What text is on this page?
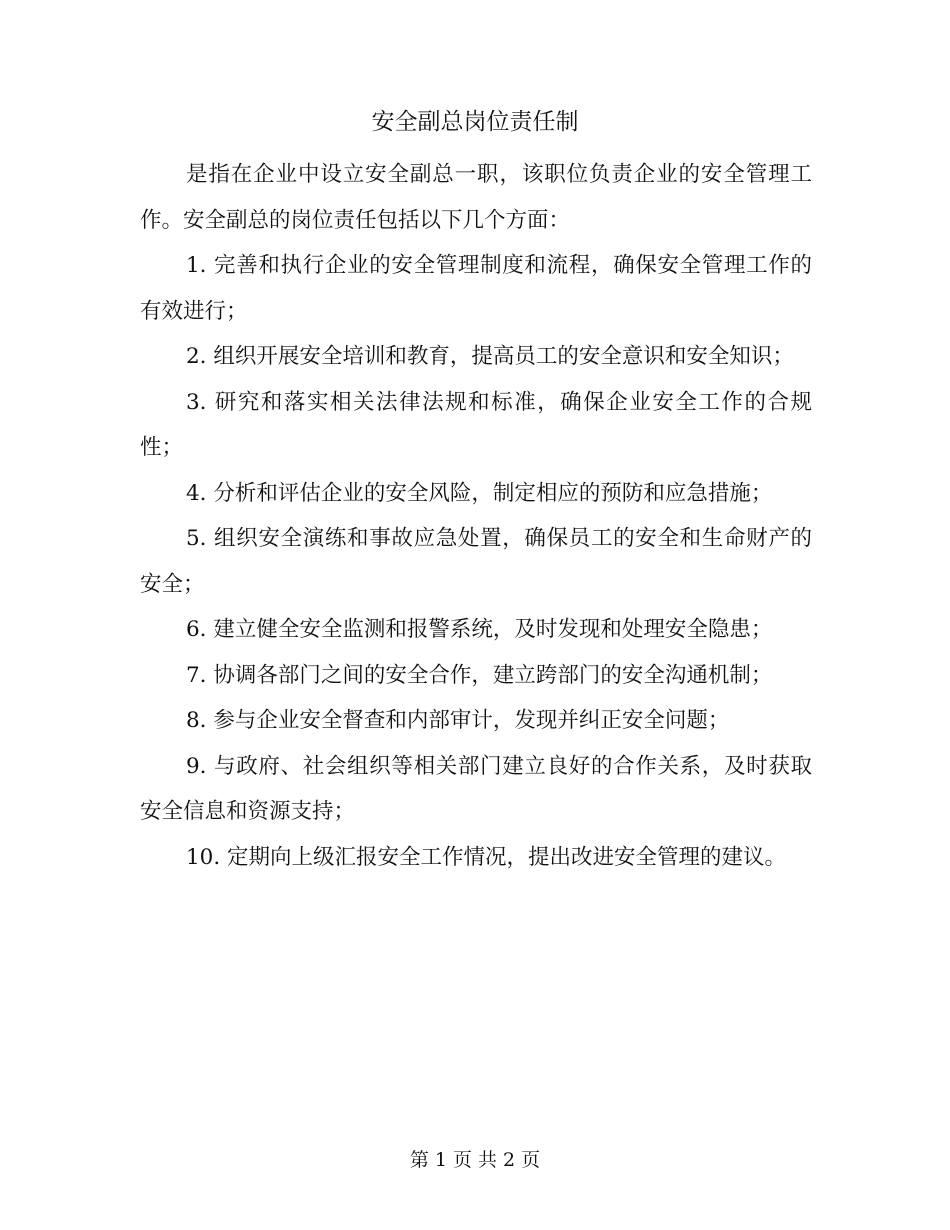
安全副总岗位责任制

是指在企业中设立安全副总一职，该职位负责企业的安全管理工作。安全副总的岗位责任包括以下几个方面：

1. 完善和执行企业的安全管理制度和流程，确保安全管理工作的有效进行；

2. 组织开展安全培训和教育，提高员工的安全意识和安全知识；

3. 研究和落实相关法律法规和标准，确保企业安全工作的合规性；

4. 分析和评估企业的安全风险，制定相应的预防和应急措施；

5. 组织安全演练和事故应急处置，确保员工的安全和生命财产的安全；

6. 建立健全安全监测和报警系统，及时发现和处理安全隐患；

7. 协调各部门之间的安全合作，建立跨部门的安全沟通机制；

8. 参与企业安全督查和内部审计，发现并纠正安全问题；

9. 与政府、社会组织等相关部门建立良好的合作关系，及时获取安全信息和资源支持；

10. 定期向上级汇报安全工作情况，提出改进安全管理的建议。

第 1 页 共 2 页
